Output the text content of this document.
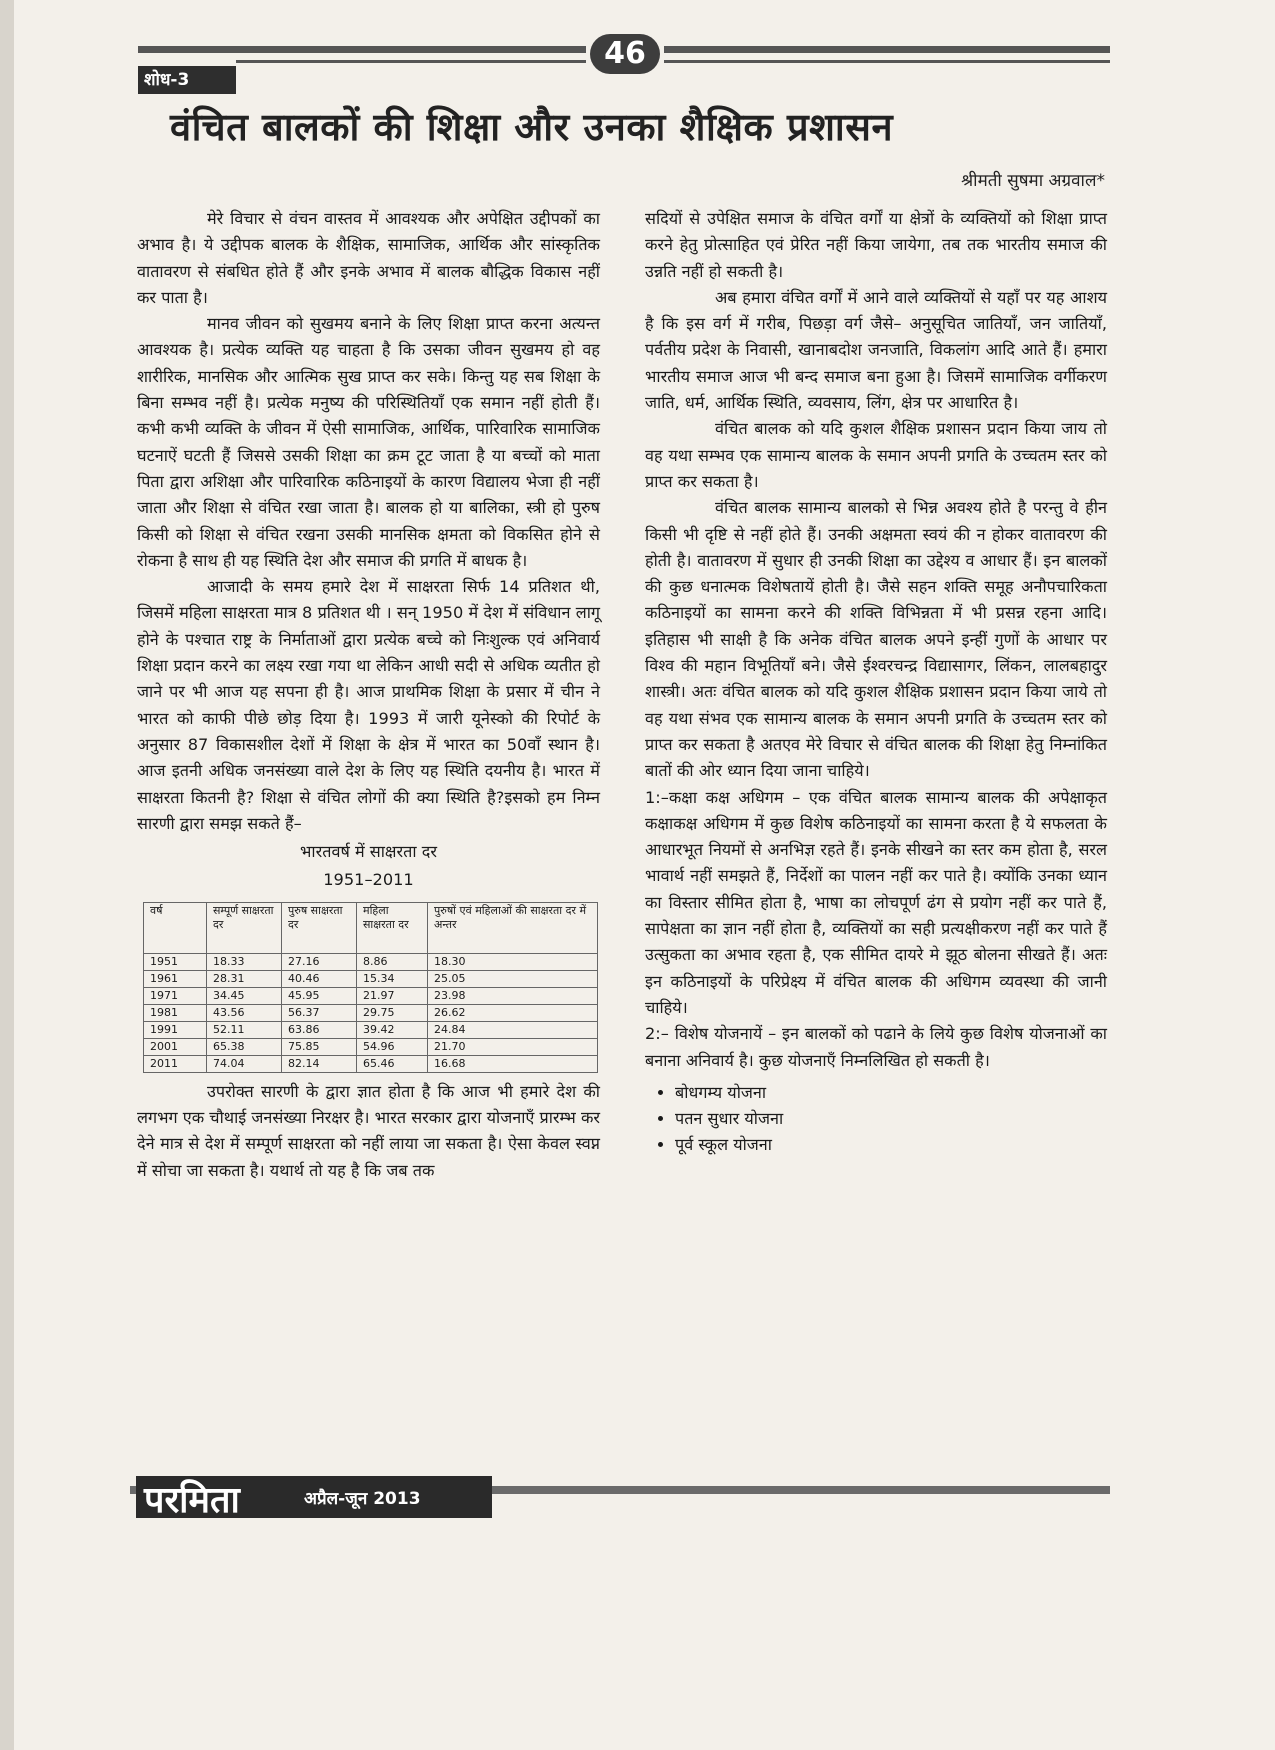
46
शोध-3
वंचित बालकों की शिक्षा और उनका शैक्षिक प्रशासन
श्रीमती सुषमा अग्रवाल*

मेरे विचार से वंचन वास्तव में आवश्यक और अपेक्षित उद्दीपकों का अभाव है। ये उद्दीपक बालक के शैक्षिक, सामाजिक, आर्थिक और सांस्कृतिक वातावरण से संबधित होते हैं और इनके अभाव में बालक बौद्धिक विकास नहीं कर पाता है।

मानव जीवन को सुखमय बनाने के लिए शिक्षा प्राप्त करना अत्यन्त आवश्यक है। प्रत्येक व्यक्ति यह चाहता है कि उसका जीवन सुखमय हो वह शारीरिक, मानसिक और आत्मिक सुख प्राप्त कर सके। किन्तु यह सब शिक्षा के बिना सम्भव नहीं है। प्रत्येक मनुष्य की परिस्थितियाँ एक समान नहीं होती हैं। कभी कभी व्यक्ति के जीवन में ऐसी सामाजिक, आर्थिक, पारिवारिक सामाजिक घटनाऐं घटती हैं जिससे उसकी शिक्षा का क्रम टूट जाता है या बच्चों को माता पिता द्वारा अशिक्षा और पारिवारिक कठिनाइयों के कारण विद्यालय भेजा ही नहीं जाता और शिक्षा से वंचित रखा जाता है। बालक हो या बालिका, स्त्री हो पुरुष किसी को शिक्षा से वंचित रखना उसकी मानसिक क्षमता को विकसित होने से रोकना है साथ ही यह स्थिति देश और समाज की प्रगति में बाधक है।

आजादी के समय हमारे देश में साक्षरता सिर्फ 14 प्रतिशत थी, जिसमें महिला साक्षरता मात्र 8 प्रतिशत थी । सन् 1950 में देश में संविधान लागू होने के पश्चात राष्ट्र के निर्माताओं द्वारा प्रत्येक बच्चे को निःशुल्क एवं अनिवार्य शिक्षा प्रदान करने का लक्ष्य रखा गया था लेकिन आधी सदी से अधिक व्यतीत हो जाने पर भी आज यह सपना ही है। आज प्राथमिक शिक्षा के प्रसार में चीन ने भारत को काफी पीछे छोड़ दिया है। 1993 में जारी यूनेस्को की रिपोर्ट के अनुसार 87 विकासशील देशों में शिक्षा के क्षेत्र में भारत का 50वाँ स्थान है। आज इतनी अधिक जनसंख्या वाले देश के लिए यह स्थिति दयनीय है। भारत में साक्षरता कितनी है? शिक्षा से वंचित लोगों की क्या स्थिति है?इसको हम निम्न सारणी द्वारा समझ सकते हैं–

भारतवर्ष में साक्षरता दर
1951–2011
वर्ष	सम्पूर्ण साक्षरता दर	पुरुष साक्षरता दर	महिला साक्षरता दर	पुरुषों एवं महिलाओं की साक्षरता दर में अन्तर
1951	18.33	27.16	8.86	18.30
1961	28.31	40.46	15.34	25.05
1971	34.45	45.95	21.97	23.98
1981	43.56	56.37	29.75	26.62
1991	52.11	63.86	39.42	24.84
2001	65.38	75.85	54.96	21.70
2011	74.04	82.14	65.46	16.68

उपरोक्त सारणी के द्वारा ज्ञात होता है कि आज भी हमारे देश की लगभग एक चौथाई जनसंख्या निरक्षर है। भारत सरकार द्वारा योजनाएँ प्रारम्भ कर देने मात्र से देश में सम्पूर्ण साक्षरता को नहीं लाया जा सकता है। ऐसा केवल स्वप्न में सोचा जा सकता है। यथार्थ तो यह है कि जब तक

सदियों से उपेक्षित समाज के वंचित वर्गों या क्षेत्रों के व्यक्तियों को शिक्षा प्राप्त करने हेतु प्रोत्साहित एवं प्रेरित नहीं किया जायेगा, तब तक भारतीय समाज की उन्नति नहीं हो सकती है।

अब हमारा वंचित वर्गों में आने वाले व्यक्तियों से यहाँ पर यह आशय है कि इस वर्ग में गरीब, पिछड़ा वर्ग जैसे– अनुसूचित जातियाँ, जन जातियाँ, पर्वतीय प्रदेश के निवासी, खानाबदोश जनजाति, विकलांग आदि आते हैं। हमारा भारतीय समाज आज भी बन्द समाज बना हुआ है। जिसमें सामाजिक वर्गीकरण जाति, धर्म, आर्थिक स्थिति, व्यवसाय, लिंग, क्षेत्र पर आधारित है।

वंचित बालक को यदि कुशल शैक्षिक प्रशासन प्रदान किया जाय तो वह यथा सम्भव एक सामान्य बालक के समान अपनी प्रगति के उच्चतम स्तर को प्राप्त कर सकता है।

वंचित बालक सामान्य बालको से भिन्न अवश्य होते है परन्तु वे हीन किसी भी दृष्टि से नहीं होते हैं। उनकी अक्षमता स्वयं की न होकर वातावरण की होती है। वातावरण में सुधार ही उनकी शिक्षा का उद्देश्य व आधार हैं। इन बालकों की कुछ धनात्मक विशेषतायें होती है। जैसे सहन शक्ति समूह अनौपचारिकता कठिनाइयों का सामना करने की शक्ति विभिन्नता में भी प्रसन्न रहना आदि। इतिहास भी साक्षी है कि अनेक वंचित बालक अपने इन्हीं गुणों के आधार पर विश्व की महान विभूतियाँ बने। जैसे ईश्वरचन्द्र विद्यासागर, लिंकन, लालबहादुर शास्त्री। अतः वंचित बालक को यदि कुशल शैक्षिक प्रशासन प्रदान किया जाये तो वह यथा संभव एक सामान्य बालक के समान अपनी प्रगति के उच्चतम स्तर को प्राप्त कर सकता है अतएव मेरे विचार से वंचित बालक की शिक्षा हेतु निम्नांकित बातों की ओर ध्यान दिया जाना चाहिये।

1:–कक्षा कक्ष अधिगम – एक वंचित बालक सामान्य बालक की अपेक्षाकृत कक्षाकक्ष अधिगम में कुछ विशेष कठिनाइयों का सामना करता है ये सफलता के आधारभूत नियमों से अनभिज्ञ रहते हैं। इनके सीखने का स्तर कम होता है, सरल भावार्थ नहीं समझते हैं, निर्देशों का पालन नहीं कर पाते है। क्योंकि उनका ध्यान का विस्तार सीमित होता है, भाषा का लोचपूर्ण ढंग से प्रयोग नहीं कर पाते हैं, सापेक्षता का ज्ञान नहीं होता है, व्यक्तियों का सही प्रत्यक्षीकरण नहीं कर पाते हैं उत्सुकता का अभाव रहता है, एक सीमित दायरे मे झूठ बोलना सीखते हैं। अतः इन कठिनाइयों के परिप्रेक्ष्य में वंचित बालक की अधिगम व्यवस्था की जानी चाहिये।

2:– विशेष योजनायें – इन बालकों को पढाने के लिये कुछ विशेष योजनाओं का बनाना अनिवार्य है। कुछ योजनाएँ निम्नलिखित हो सकती है।

• बोधगम्य योजना
• पतन सुधार योजना
• पूर्व स्कूल योजना
परमिता	अप्रैल-जून 2013
